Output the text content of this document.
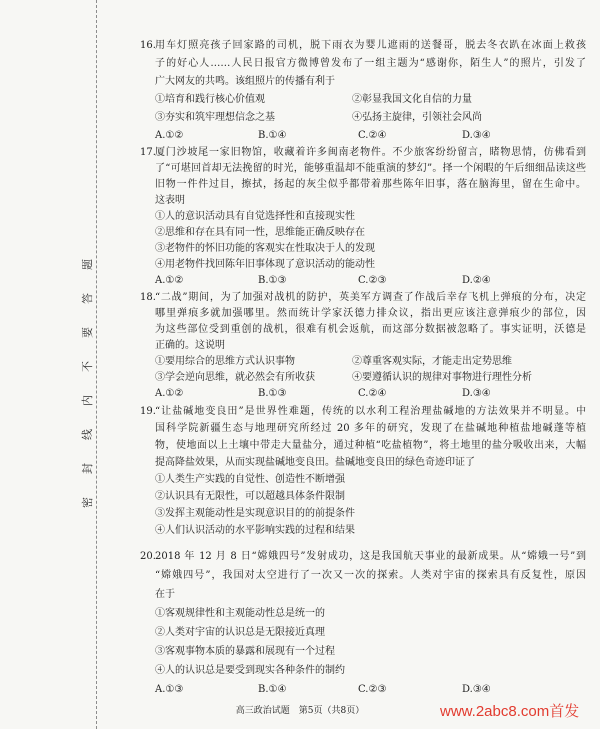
密封线内不要答题
16. 用车灯照亮孩子回家路的司机，脱下雨衣为婴儿遮雨的送餐哥，脱去冬衣趴在冰面上救孩
子的好心人……人民日报官方微博曾发布了一组主题为“感谢你，陌生人”的照片，引发了
广大网友的共鸣。该组照片的传播有利于
①培育和践行核心价值观	②彰显我国文化自信的力量
③夯实和筑牢理想信念之基	④弘扬主旋律，引领社会风尚
A.①②	B.①④	C.②④	D.③④
17. 厦门沙坡尾一家旧物馆，收藏着许多闽南老物件。不少旅客纷纷留言，睹物思情，仿佛看到
了“可堪回首却无法挽留的时光，能够重温却不能重演的梦幻”。择一个闲暇的午后细细品读这些
旧物一件件过目，擦拭，扬起的灰尘似乎都带着那些陈年旧事，落在脑海里，留在生命中。
这表明
①人的意识活动具有自觉选择性和直接现实性
②思维和存在具有同一性，思维能正确反映存在
③老物件的怀旧功能的客观实在性取决于人的发现
④用老物件找回陈年旧事体现了意识活动的能动性
A.①②	B.①③	C.②③	D.②④
18. “二战”期间，为了加强对战机的防护，英美军方调查了作战后幸存飞机上弹痕的分布，决定
哪里弹痕多就加强哪里。然而统计学家沃德力排众议，指出更应该注意弹痕少的部位，因
为这些部位受到重创的战机，很难有机会返航，而这部分数据被忽略了。事实证明，沃德是
正确的。这说明
①要用综合的思维方式认识事物	②尊重客观实际，才能走出定势思维
③学会逆向思维，就必然会有所收获	④要遵循认识的规律对事物进行理性分析
A.①②	B.①③	C.②④	D.③④
19. “让盐碱地变良田”是世界性难题，传统的以水利工程治理盐碱地的方法效果并不明显。中
国科学院新疆生态与地理研究所经过 20 多年的研究，发现了在盐碱地种植盐地碱蓬等植
物，使地面以上土壤中带走大量盐分，通过种植“吃盐植物”，将土地里的盐分吸收出来，大幅
提高降盐效果，从而实现盐碱地变良田。盐碱地变良田的绿色奇迹印证了
①人类生产实践的自觉性、创造性不断增强
②认识具有无限性，可以超越具体条件限制
③发挥主观能动性是实现意识目的的前提条件
④人们认识活动的水平影响实践的过程和结果
20. 2018 年 12 月 8 日“嫦娥四号”发射成功，这是我国航天事业的最新成果。从“嫦娥一号”到
“嫦娥四号”，我国对太空进行了一次又一次的探索。人类对宇宙的探索具有反复性，原因
在于
①客观规律性和主观能动性总是统一的
②人类对宇宙的认识总是无限接近真理
③客观事物本质的暴露和展现有一个过程
④人的认识总是要受到现实各种条件的制约
A.①③	B.①④	C.②③	D.③④
高三政治试题　第5页（共8页）	www.2abc8.com首发
